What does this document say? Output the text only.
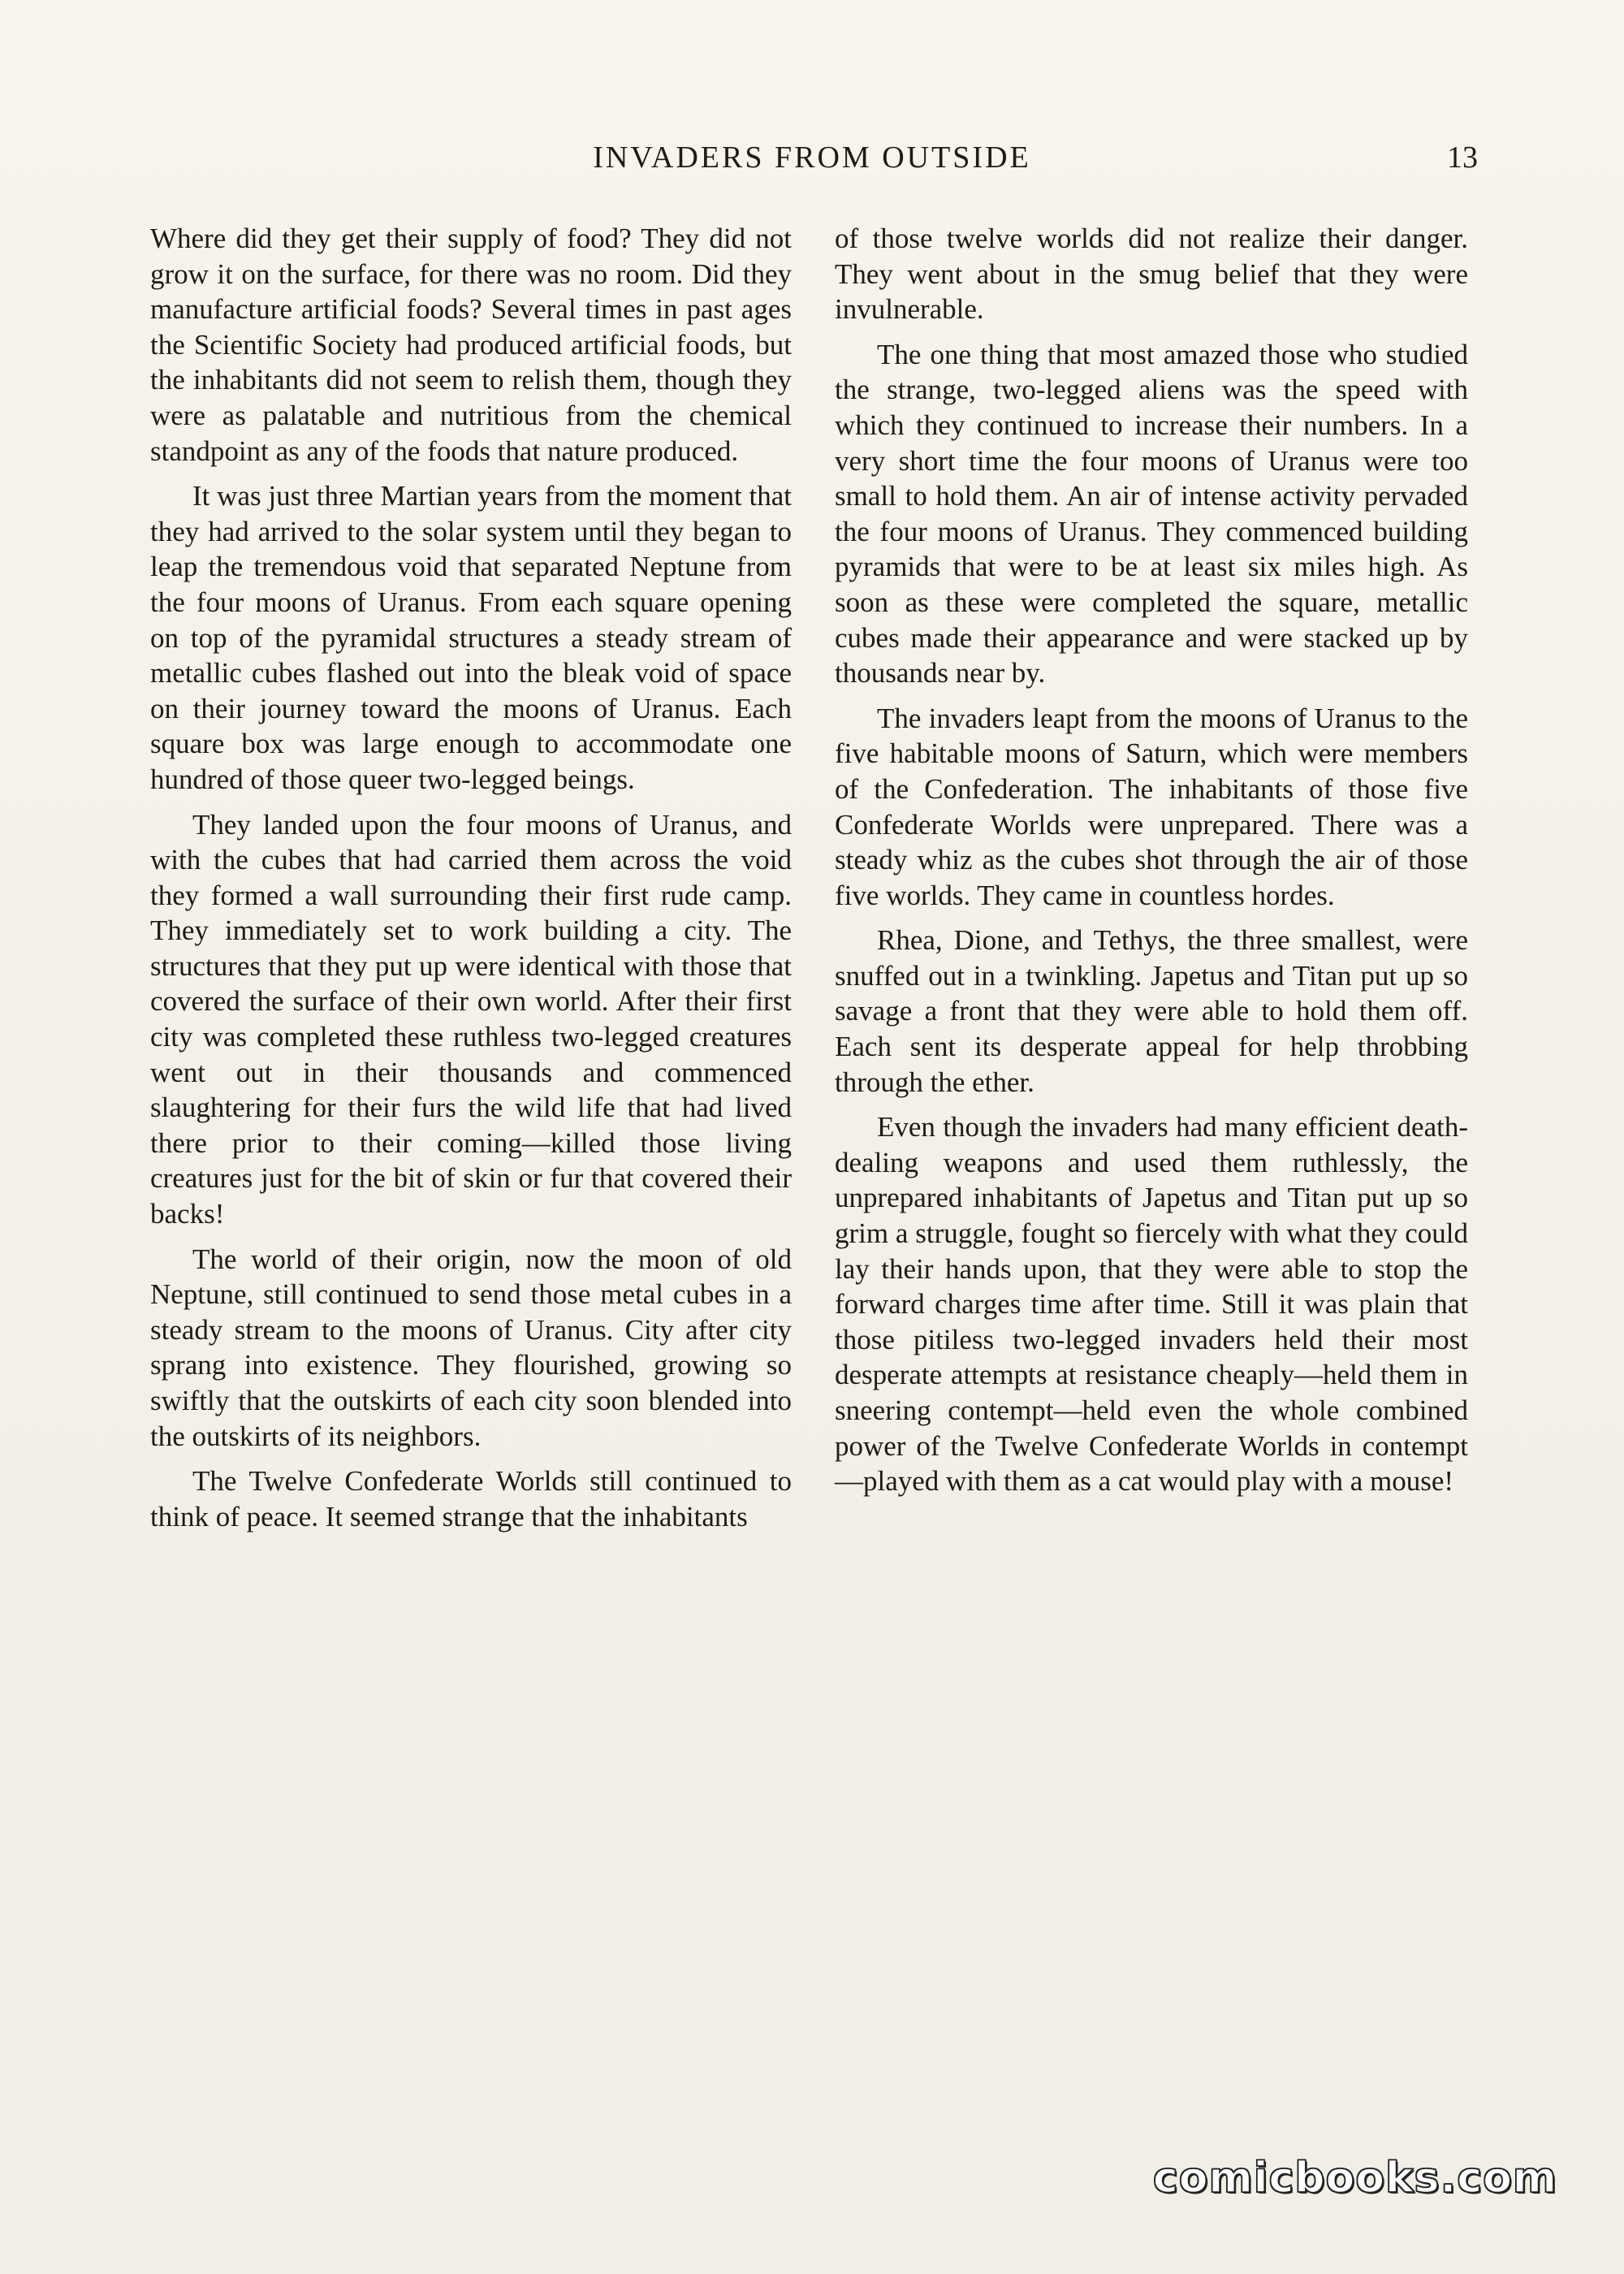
INVADERS FROM OUTSIDE	13

Where did they get their supply of food? They did not grow it on the surface, for there was no room. Did they manufacture artificial foods? Several times in past ages the Scientific Society had produced artificial foods, but the inhabitants did not seem to relish them, though they were as palatable and nutritious from the chemical standpoint as any of the foods that nature produced.

It was just three Martian years from the moment that they had arrived to the solar system until they began to leap the tremendous void that separated Neptune from the four moons of Uranus. From each square opening on top of the pyramidal structures a steady stream of metallic cubes flashed out into the bleak void of space on their journey toward the moons of Uranus. Each square box was large enough to accommodate one hundred of those queer two-legged beings.

They landed upon the four moons of Uranus, and with the cubes that had carried them across the void they formed a wall surrounding their first rude camp. They immediately set to work building a city. The structures that they put up were identical with those that covered the surface of their own world. After their first city was completed these ruthless two-legged creatures went out in their thousands and commenced slaughtering for their furs the wild life that had lived there prior to their coming—killed those living creatures just for the bit of skin or fur that covered their backs!

The world of their origin, now the moon of old Neptune, still continued to send those metal cubes in a steady stream to the moons of Uranus. City after city sprang into existence. They flourished, growing so swiftly that the outskirts of each city soon blended into the outskirts of its neighbors.

The Twelve Confederate Worlds still continued to think of peace. It seemed strange that the inhabitants

of those twelve worlds did not realize their danger. They went about in the smug belief that they were invulnerable.

The one thing that most amazed those who studied the strange, two-legged aliens was the speed with which they continued to increase their numbers. In a very short time the four moons of Uranus were too small to hold them. An air of intense activity pervaded the four moons of Uranus. They commenced building pyramids that were to be at least six miles high. As soon as these were completed the square, metallic cubes made their appearance and were stacked up by thousands near by.

The invaders leapt from the moons of Uranus to the five habitable moons of Saturn, which were members of the Confederation. The inhabitants of those five Confederate Worlds were unprepared. There was a steady whiz as the cubes shot through the air of those five worlds. They came in countless hordes.

Rhea, Dione, and Tethys, the three smallest, were snuffed out in a twinkling. Japetus and Titan put up so savage a front that they were able to hold them off. Each sent its desperate appeal for help throbbing through the ether.

Even though the invaders had many efficient death-dealing weapons and used them ruthlessly, the unprepared inhabitants of Japetus and Titan put up so grim a struggle, fought so fiercely with what they could lay their hands upon, that they were able to stop the forward charges time after time. Still it was plain that those pitiless two-legged invaders held their most desperate attempts at resistance cheaply—held them in sneering contempt—held even the whole combined power of the Twelve Confederate Worlds in contempt—played with them as a cat would play with a mouse!

comicbooks.com
